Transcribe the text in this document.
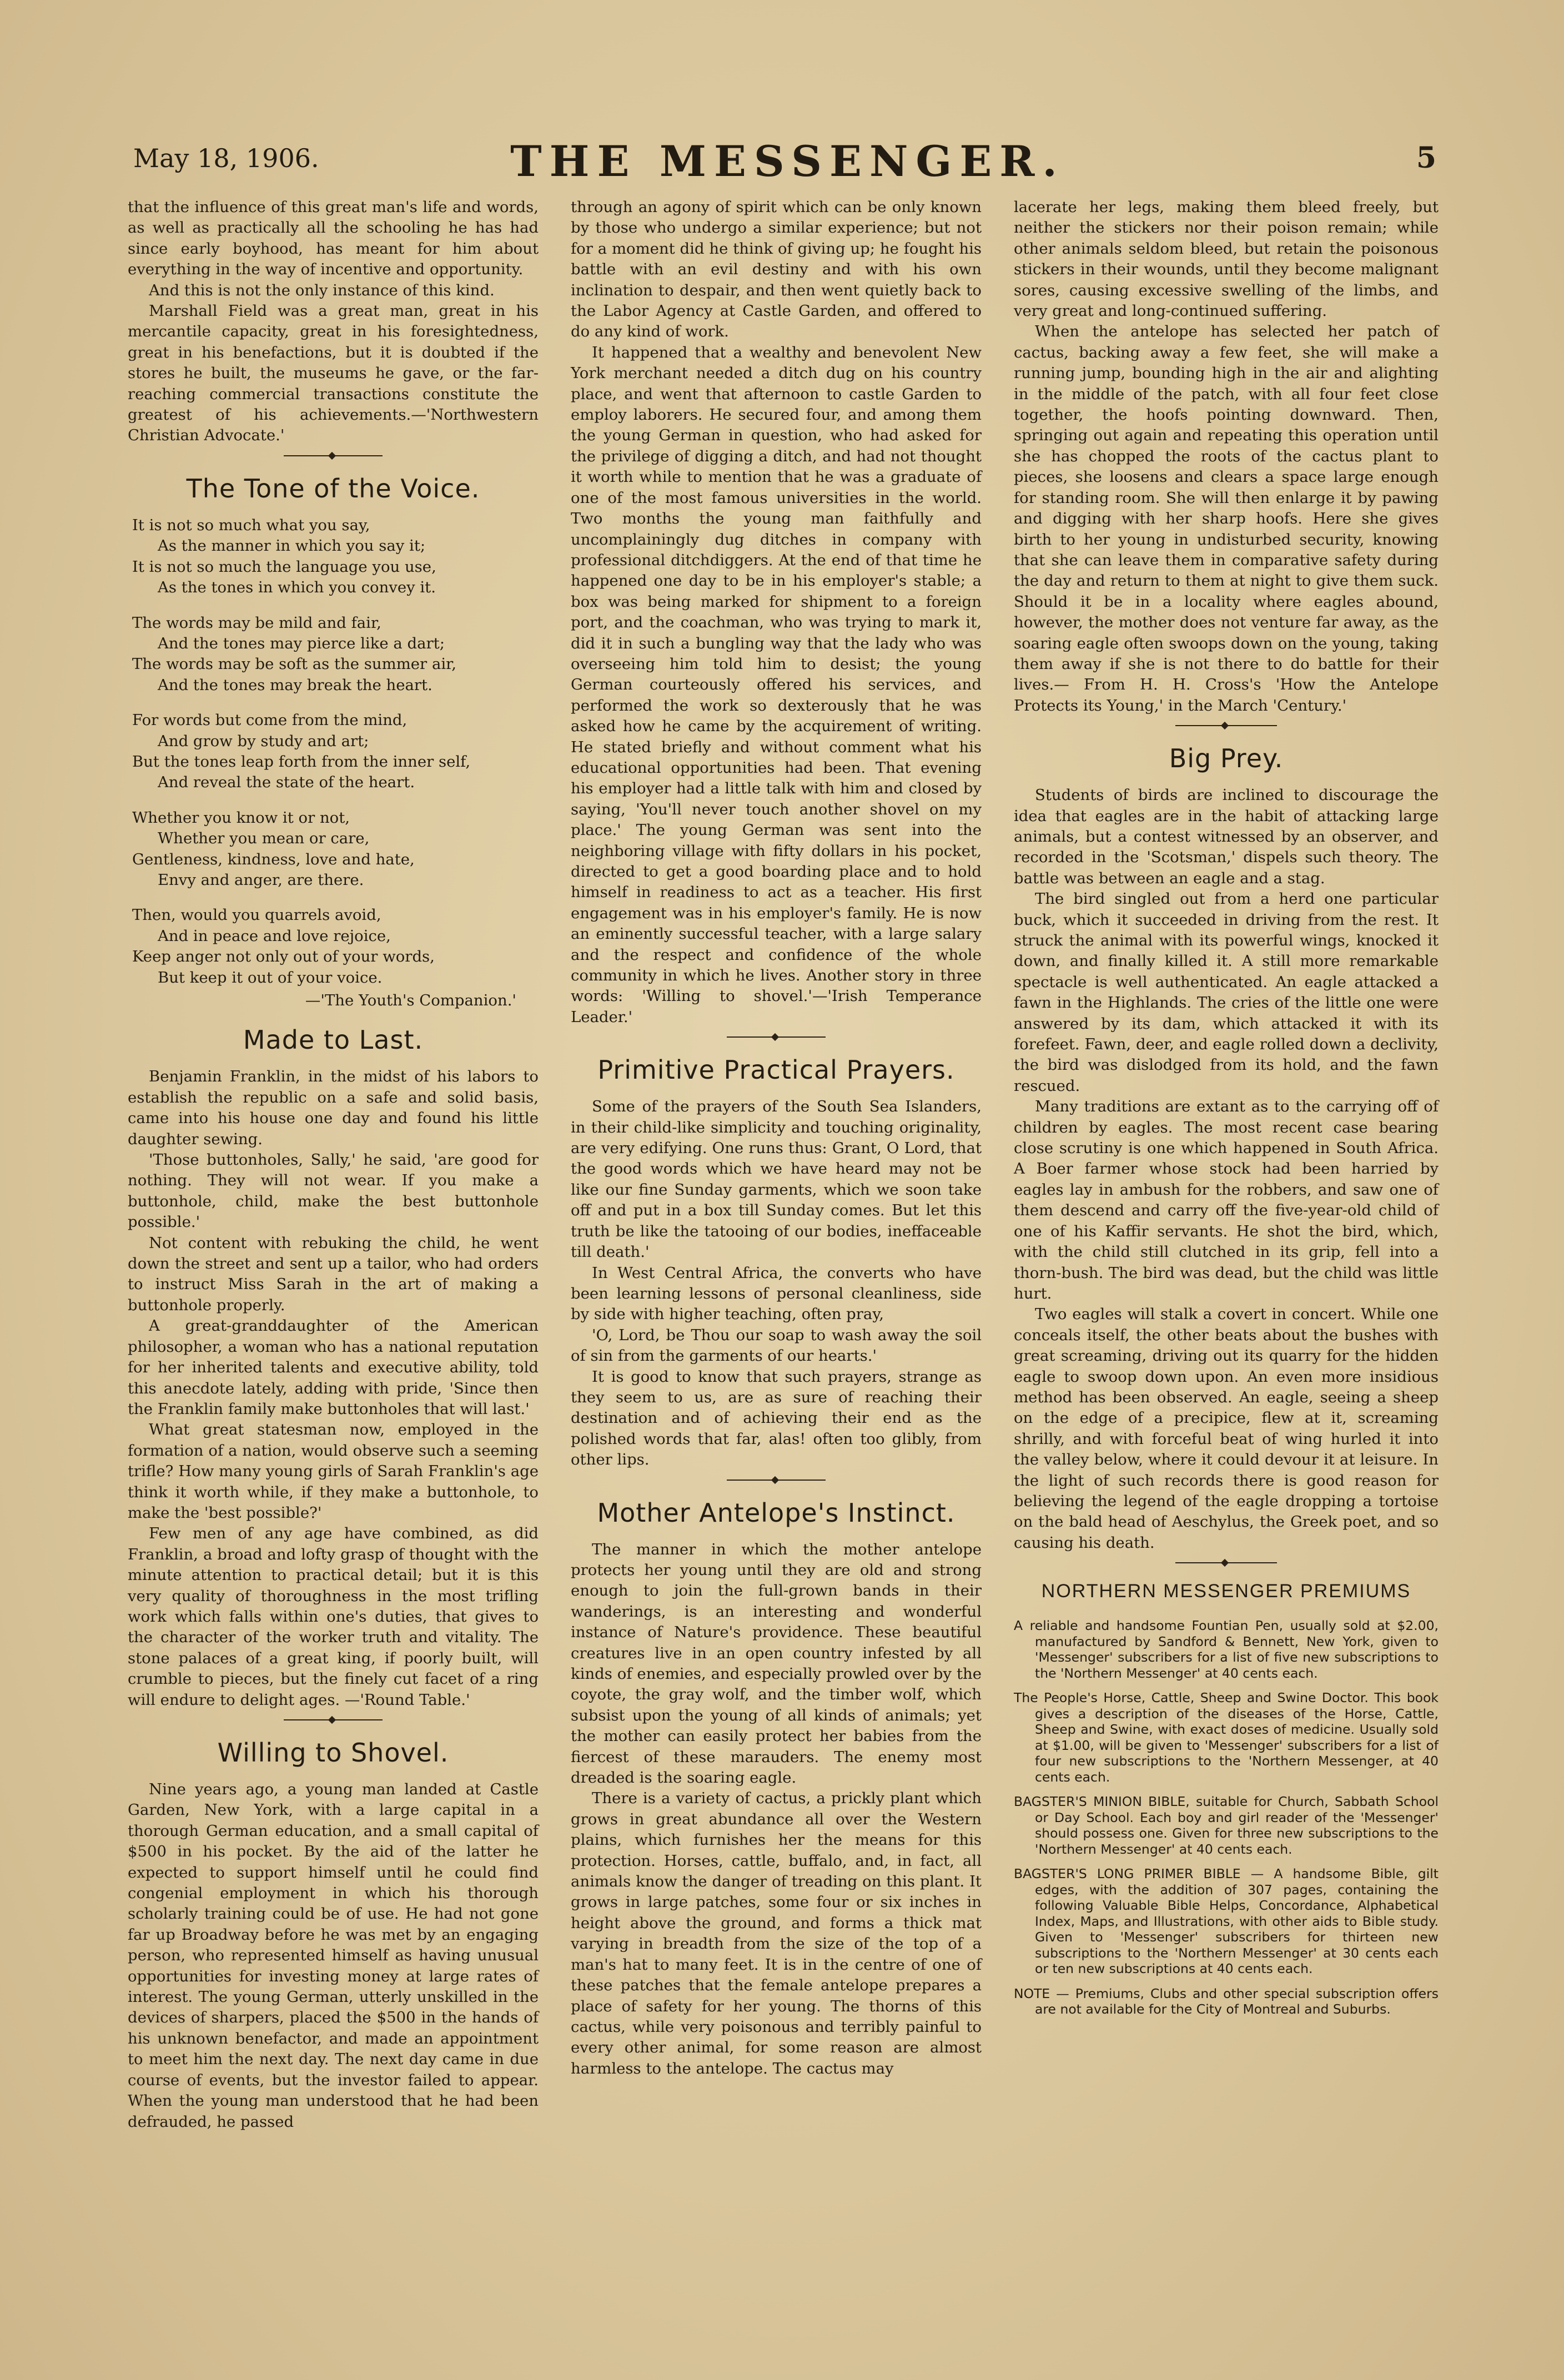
May 18, 1906.	THE MESSENGER.	5

that the influence of this great man's life and words, as well as practically all the schooling he has had since early boyhood, has meant for him about everything in the way of incentive and opportunity.

And this is not the only instance of this kind.

Marshall Field was a great man, great in his mercantile capacity, great in his foresightedness, great in his benefactions, but it is doubted if the stores he built, the museums he gave, or the far-reaching commercial transactions constitute the greatest of his achievements.—'Northwestern Christian Advocate.'

The Tone of the Voice.
It is not so much what you say,
As the manner in which you say it;
It is not so much the language you use,
As the tones in which you convey it.
The words may be mild and fair,
And the tones may pierce like a dart;
The words may be soft as the summer air,
And the tones may break the heart.
For words but come from the mind,
And grow by study and art;
But the tones leap forth from the inner self,
And reveal the state of the heart.
Whether you know it or not,
Whether you mean or care,
Gentleness, kindness, love and hate,
Envy and anger, are there.
Then, would you quarrels avoid,
And in peace and love rejoice,
Keep anger not only out of your words,
But keep it out of your voice.
—'The Youth's Companion.'
Made to Last.

Benjamin Franklin, in the midst of his labors to establish the republic on a safe and solid basis, came into his house one day and found his little daughter sewing.

'Those buttonholes, Sally,' he said, 'are good for nothing. They will not wear. If you make a buttonhole, child, make the best buttonhole possible.'

Not content with rebuking the child, he went down the street and sent up a tailor, who had orders to instruct Miss Sarah in the art of making a buttonhole properly.

A great-granddaughter of the American philosopher, a woman who has a national reputation for her inherited talents and executive ability, told this anecdote lately, adding with pride, 'Since then the Franklin family make buttonholes that will last.'

What great statesman now, employed in the formation of a nation, would observe such a seeming trifle? How many young girls of Sarah Franklin's age think it worth while, if they make a buttonhole, to make the 'best possible?'

Few men of any age have combined, as did Franklin, a broad and lofty grasp of thought with the minute attention to practical detail; but it is this very quality of thoroughness in the most trifling work which falls within one's duties, that gives to the character of the worker truth and vitality. The stone palaces of a great king, if poorly built, will crumble to pieces, but the finely cut facet of a ring will endure to delight ages. —'Round Table.'

Willing to Shovel.

Nine years ago, a young man landed at Castle Garden, New York, with a large capital in a thorough German education, and a small capital of $500 in his pocket. By the aid of the latter he expected to support himself until he could find congenial employment in which his thorough scholarly training could be of use. He had not gone far up Broadway before he was met by an engaging person, who represented himself as having unusual opportunities for investing money at large rates of interest. The young German, utterly unskilled in the devices of sharpers, placed the $500 in the hands of his unknown benefactor, and made an appointment to meet him the next day. The next day came in due course of events, but the investor failed to appear. When the young man understood that he had been defrauded, he passed

through an agony of spirit which can be only known by those who undergo a similar experience; but not for a moment did he think of giving up; he fought his battle with an evil destiny and with his own inclination to despair, and then went quietly back to the Labor Agency at Castle Garden, and offered to do any kind of work.

It happened that a wealthy and benevolent New York merchant needed a ditch dug on his country place, and went that afternoon to castle Garden to employ laborers. He secured four, and among them the young German in question, who had asked for the privilege of digging a ditch, and had not thought it worth while to mention that he was a graduate of one of the most famous universities in the world. Two months the young man faithfully and uncomplainingly dug ditches in company with professional ditchdiggers. At the end of that time he happened one day to be in his employer's stable; a box was being marked for shipment to a foreign port, and the coachman, who was trying to mark it, did it in such a bungling way that the lady who was overseeing him told him to desist; the young German courteously offered his services, and performed the work so dexterously that he was asked how he came by the acquirement of writing. He stated briefly and without comment what his educational opportunities had been. That evening his employer had a little talk with him and closed by saying, 'You'll never touch another shovel on my place.' The young German was sent into the neighboring village with fifty dollars in his pocket, directed to get a good boarding place and to hold himself in readiness to act as a teacher. His first engagement was in his employer's family. He is now an eminently successful teacher, with a large salary and the respect and confidence of the whole community in which he lives. Another story in three words: 'Willing to shovel.'—'Irish Temperance Leader.'

Primitive Practical Prayers.

Some of the prayers of the South Sea Islanders, in their child-like simplicity and touching originality, are very edifying. One runs thus: Grant, O Lord, that the good words which we have heard may not be like our fine Sunday garments, which we soon take off and put in a box till Sunday comes. But let this truth be like the tatooing of our bodies, ineffaceable till death.'

In West Central Africa, the converts who have been learning lessons of personal cleanliness, side by side with higher teaching, often pray,

'O, Lord, be Thou our soap to wash away the soil of sin from the garments of our hearts.'

It is good to know that such prayers, strange as they seem to us, are as sure of reaching their destination and of achieving their end as the polished words that far, alas! often too glibly, from other lips.

Mother Antelope's Instinct.

The manner in which the mother antelope protects her young until they are old and strong enough to join the full-grown bands in their wanderings, is an interesting and wonderful instance of Nature's providence. These beautiful creatures live in an open country infested by all kinds of enemies, and especially prowled over by the coyote, the gray wolf, and the timber wolf, which subsist upon the young of all kinds of animals; yet the mother can easily protect her babies from the fiercest of these marauders. The enemy most dreaded is the soaring eagle.

There is a variety of cactus, a prickly plant which grows in great abundance all over the Western plains, which furnishes her the means for this protection. Horses, cattle, buffalo, and, in fact, all animals know the danger of treading on this plant. It grows in large patches, some four or six inches in height above the ground, and forms a thick mat varying in breadth from the size of the top of a man's hat to many feet. It is in the centre of one of these patches that the female antelope prepares a place of safety for her young. The thorns of this cactus, while very poisonous and terribly painful to every other animal, for some reason are almost harmless to the antelope. The cactus may

lacerate her legs, making them bleed freely, but neither the stickers nor their poison remain; while other animals seldom bleed, but retain the poisonous stickers in their wounds, until they become malignant sores, causing excessive swelling of the limbs, and very great and long-continued suffering.

When the antelope has selected her patch of cactus, backing away a few feet, she will make a running jump, bounding high in the air and alighting in the middle of the patch, with all four feet close together, the hoofs pointing downward. Then, springing out again and repeating this operation until she has chopped the roots of the cactus plant to pieces, she loosens and clears a space large enough for standing room. She will then enlarge it by pawing and digging with her sharp hoofs. Here she gives birth to her young in undisturbed security, knowing that she can leave them in comparative safety during the day and return to them at night to give them suck. Should it be in a locality where eagles abound, however, the mother does not venture far away, as the soaring eagle often swoops down on the young, taking them away if she is not there to do battle for their lives.— From H. H. Cross's 'How the Antelope Protects its Young,' in the March 'Century.'

Big Prey.

Students of birds are inclined to discourage the idea that eagles are in the habit of attacking large animals, but a contest witnessed by an observer, and recorded in the 'Scotsman,' dispels such theory. The battle was between an eagle and a stag.

The bird singled out from a herd one particular buck, which it succeeded in driving from the rest. It struck the animal with its powerful wings, knocked it down, and finally killed it. A still more remarkable spectacle is well authenticated. An eagle attacked a fawn in the Highlands. The cries of the little one were answered by its dam, which attacked it with its forefeet. Fawn, deer, and eagle rolled down a declivity, the bird was dislodged from its hold, and the fawn rescued.

Many traditions are extant as to the carrying off of children by eagles. The most recent case bearing close scrutiny is one which happened in South Africa. A Boer farmer whose stock had been harried by eagles lay in ambush for the robbers, and saw one of them descend and carry off the five-year-old child of one of his Kaffir servants. He shot the bird, which, with the child still clutched in its grip, fell into a thorn-bush. The bird was dead, but the child was little hurt.

Two eagles will stalk a covert in concert. While one conceals itself, the other beats about the bushes with great screaming, driving out its quarry for the hidden eagle to swoop down upon. An even more insidious method has been observed. An eagle, seeing a sheep on the edge of a precipice, flew at it, screaming shrilly, and with forceful beat of wing hurled it into the valley below, where it could devour it at leisure. In the light of such records there is good reason for believing the legend of the eagle dropping a tortoise on the bald head of Aeschylus, the Greek poet, and so causing his death.

NORTHERN MESSENGER PREMIUMS

A reliable and handsome Fountian Pen, usually sold at $2.00, manufactured by Sandford & Bennett, New York, given to 'Messenger' subscribers for a list of five new subscriptions to the 'Northern Messenger' at 40 cents each.

The People's Horse, Cattle, Sheep and Swine Doctor. This book gives a description of the diseases of the Horse, Cattle, Sheep and Swine, with exact doses of medicine. Usually sold at $1.00, will be given to 'Messenger' subscribers for a list of four new subscriptions to the 'Northern Messenger, at 40 cents each.

BAGSTER'S MINION BIBLE, suitable for Church, Sabbath School or Day School. Each boy and girl reader of the 'Messenger' should possess one. Given for three new subscriptions to the 'Northern Messenger' at 40 cents each.

BAGSTER'S LONG PRIMER BIBLE — A handsome Bible, gilt edges, with the addition of 307 pages, containing the following Valuable Bible Helps, Concordance, Alphabetical Index, Maps, and Illustrations, with other aids to Bible study. Given to 'Messenger' subscribers for thirteen new subscriptions to the 'Northern Messenger' at 30 cents each or ten new subscriptions at 40 cents each.

NOTE — Premiums, Clubs and other special subscription offers are not available for the City of Montreal and Suburbs.
